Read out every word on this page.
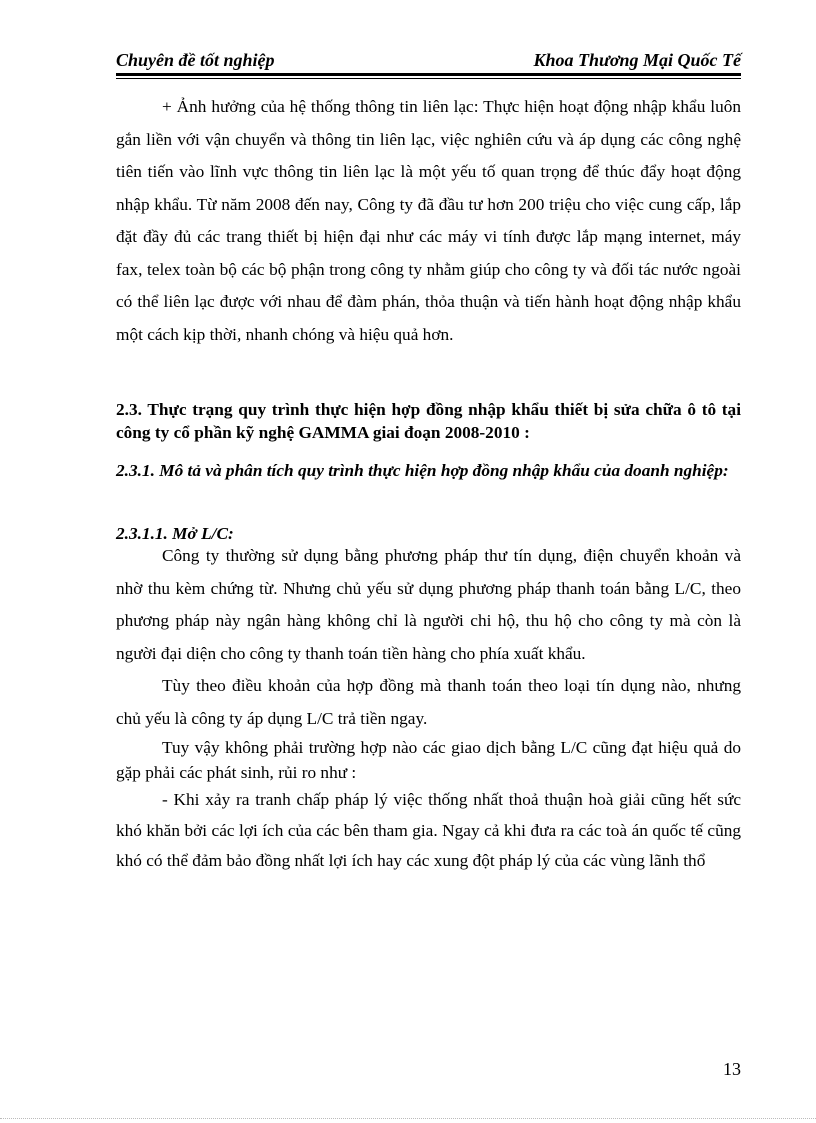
Chuyên đề tốt nghiệp	Khoa Thương Mại Quốc Tế

+ Ảnh hưởng của hệ thống thông tin liên lạc: Thực hiện hoạt động nhập khẩu luôn gắn liền với vận chuyển và thông tin liên lạc, việc nghiên cứu và áp dụng các công nghệ tiên tiến vào lĩnh vực thông tin liên lạc là một yếu tố quan trọng để thúc đẩy hoạt động nhập khẩu. Từ năm 2008 đến nay, Công ty đã đầu tư hơn 200 triệu cho việc cung cấp, lắp đặt đầy đủ các trang thiết bị hiện đại như các máy vi tính được lắp mạng internet, máy fax, telex toàn bộ các bộ phận trong công ty nhằm giúp cho công ty và đối tác nước ngoài có thể liên lạc được với nhau để đàm phán, thỏa thuận và tiến hành hoạt động nhập khẩu một cách kịp thời, nhanh chóng và hiệu quả hơn.

2.3. Thực trạng quy trình thực hiện hợp đồng nhập khẩu thiết bị sửa chữa ô tô tại công ty cổ phần kỹ nghệ GAMMA giai đoạn 2008-2010 :
2.3.1. Mô tả và phân tích quy trình thực hiện hợp đồng nhập khẩu của doanh nghiệp:
2.3.1.1. Mở L/C:

Công ty thường sử dụng bằng phương pháp thư tín dụng, điện chuyển khoản và nhờ thu kèm chứng từ. Nhưng chủ yếu sử dụng phương pháp thanh toán bằng L/C, theo phương pháp này ngân hàng không chỉ là người chi hộ, thu hộ cho công ty mà còn là người đại diện cho công ty thanh toán tiền hàng cho phía xuất khẩu.

Tùy theo điều khoản của hợp đồng mà thanh toán theo loại tín dụng nào, nhưng chủ yếu là công ty áp dụng L/C trả tiền ngay.

Tuy vậy không phải trường hợp nào các giao dịch bằng L/C cũng đạt hiệu quả do gặp phải các phát sinh, rủi ro như :

- Khi xảy ra tranh chấp pháp lý việc thống nhất thoả thuận hoà giải cũng hết sức khó khăn bởi các lợi ích của các bên tham gia. Ngay cả khi đưa ra các toà án quốc tế cũng khó có thể đảm bảo đồng nhất lợi ích hay các xung đột pháp lý của các vùng lãnh thổ

13
